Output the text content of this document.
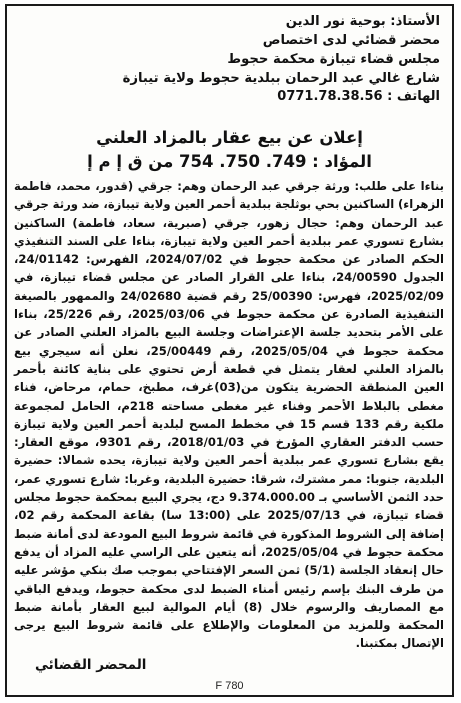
الأستاذ: بوحية نور الدين
محضر قضائي لدى اختصاص
مجلس قضاء تيبازة محكمة حجوط
شارع غالي عبد الرحمان ببلدية حجوط ولاية تيبازة
الهاتف : 0771.78.38.56
إعلان عن بيع عقار بالمزاد العلني
المؤاد : 749. 750. 754 من ق إ م إ
بناءا على طلب: ورثة جرقي عبد الرحمان وهم: جرقي (قدور، محمد، فاطمة الزهراء) الساكنين بحي بوثلجة ببلدية أحمر العين ولاية تيبازة، ضد ورثة جرقي عبد الرحمان وهم: حجال زهور، جرقي (صبرية، سعاد، فاطمة) الساكنين بشارع تسوري عمر ببلدية أحمر العين ولاية تيبازة، بناءا على السند التنفيذي الحكم الصادر عن محكمة حجوط في 2024/07/02، الفهرس: 24/01142، الجدول 24/00590، بناءا على القرار الصادر عن مجلس قضاء تيبازة، في 2025/02/09، فهرس: 25/00390 رقم قضية 24/02680 والممهور بالصيغة التنفيذية الصادرة عن محكمة حجوط في 2025/03/06، رقم 25/226، بناءا على الأمر بتحديد جلسة الإعتراضات وجلسة البيع بالمزاد العلني الصادر عن محكمة حجوط في 2025/05/04، رقم 25/00449، نعلن أنه سيجري بيع بالمزاد العلني لعقار يتمثل في قطعة أرض تحتوي على بناية كائنة بأحمر العين المنطقة الحضرية يتكون من(03)غرف، مطبخ، حمام، مرحاض، فناء مغطى بالبلاط الأحمر وفناء غير مغطى مساحته 218م، الحامل لمجموعة ملكية رقم 133 قسم 15 في مخطط المسح لبلدية أحمر العين ولاية تيبازة حسب الدفتر العقاري المؤرخ في 2018/01/03، رقم 9301، موقع العقار: يقع بشارع تسوري عمر ببلدية أحمر العين ولاية تيبازة، يحده شمالا: حضيرة البلدية، جنوبا: ممر مشترك، شرقا: حضيرة البلدية، وغربا: شارع تسوري عمر، حدد الثمن الأساسي بـ 9.374.000.00 دج، يجري البيع بمحكمة حجوط مجلس قضاء تيبازة، في 2025/07/13 على (13:00 سا) بقاعة المحكمة رقم 02، إضافة إلى الشروط المذكورة في قائمة شروط البيع المودعة لدى أمانة ضبط محكمة حجوط في 2025/05/04، أنه يتعين على الراسي عليه المزاد أن يدفع حال إنعقاد الجلسة (5/1) ثمن السعر الإفتتاحي بموجب صك بنكي مؤشر عليه من طرف البنك بإسم رئيس أمناء الضبط لدى محكمة حجوط، ويدفع الباقي مع المصاريف والرسوم خلال (8) أيام الموالية لبيع العقار بأمانة ضبط المحكمة وللمزيد من المعلومات والإطلاع على قائمة شروط البيع يرجى الإتصال بمكتبنا.
المحضر القضائي
F 780
